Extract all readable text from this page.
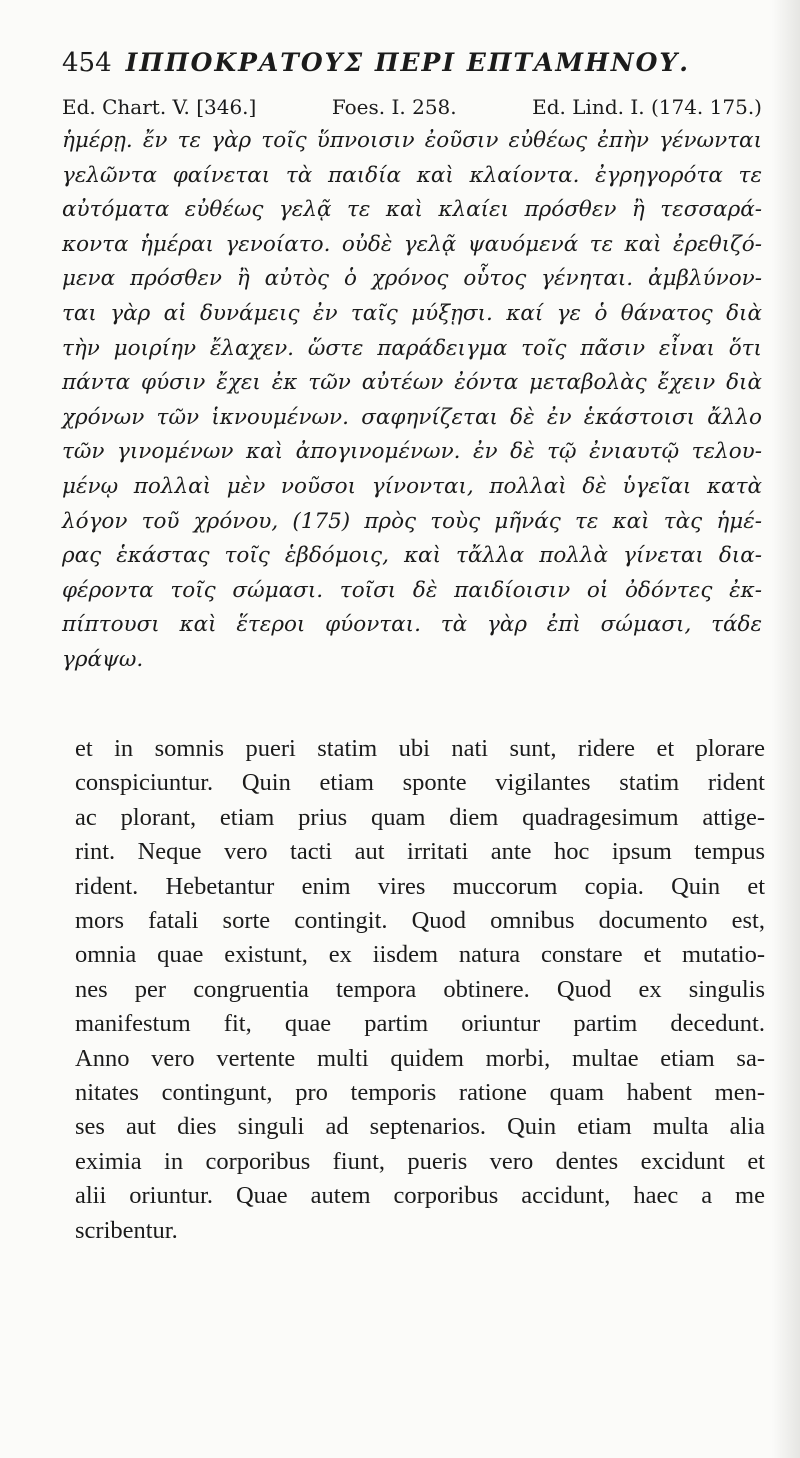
454 ΙΠΠΟΚΡΑΤΟΥΣ ΠΕΡΙ ΕΠΤΑΜΗΝΟΥ.
Ed. Chart. V. [346.]	Foes. I. 258.	Ed. Lind. I. (174. 175.)
ἡμέρῃ. ἔν τε γὰρ τοῖς ὕπνοισιν ἐοῦσιν εὐθέως ἐπὴν γένωνται
γελῶντα φαίνεται τὰ παιδία καὶ κλαίοντα. ἐγρηγορότα τε
αὐτόματα εὐθέως γελᾷ τε καὶ κλαίει πρόσθεν ἢ τεσσαρά-
κοντα ἡμέραι γενοίατο. οὐδὲ γελᾷ ψαυόμενά τε καὶ ἐρεθιζό-
μενα πρόσθεν ἢ αὐτὸς ὁ χρόνος οὗτος γένηται. ἀμβλύνον-
ται γὰρ αἱ δυνάμεις ἐν ταῖς μύξῃσι. καί γε ὁ θάνατος διὰ
τὴν μοιρίην ἔλαχεν. ὥστε παράδειγμα τοῖς πᾶσιν εἶναι ὅτι
πάντα φύσιν ἔχει ἐκ τῶν αὐτέων ἐόντα μεταβολὰς ἔχειν διὰ
χρόνων τῶν ἱκνουμένων. σαφηνίζεται δὲ ἐν ἑκάστοισι ἄλλο
τῶν γινομένων καὶ ἀπογινομένων. ἐν δὲ τῷ ἐνιαυτῷ τελου-
μένῳ πολλαὶ μὲν νοῦσοι γίνονται, πολλαὶ δὲ ὑγεῖαι κατὰ
λόγον τοῦ χρόνου, (175) πρὸς τοὺς μῆνάς τε καὶ τὰς ἡμέ-
ρας ἑκάστας τοῖς ἑβδόμοις, καὶ τἄλλα πολλὰ γίνεται δια-
φέροντα τοῖς σώμασι. τοῖσι δὲ παιδίοισιν οἱ ὀδόντες ἐκ-
πίπτουσι καὶ ἕτεροι φύονται. τὰ γὰρ ἐπὶ σώμασι, τάδε
γράψω.
et in somnis pueri statim ubi nati sunt, ridere et plorare
conspiciuntur. Quin etiam sponte vigilantes statim rident
ac plorant, etiam prius quam diem quadragesimum attige-
rint. Neque vero tacti aut irritati ante hoc ipsum tempus
rident. Hebetantur enim vires muccorum copia. Quin et
mors fatali sorte contingit. Quod omnibus documento est,
omnia quae existunt, ex iisdem natura constare et mutatio-
nes per congruentia tempora obtinere. Quod ex singulis
manifestum fit, quae partim oriuntur partim decedunt.
Anno vero vertente multi quidem morbi, multae etiam sa-
nitates contingunt, pro temporis ratione quam habent men-
ses aut dies singuli ad septenarios. Quin etiam multa alia
eximia in corporibus fiunt, pueris vero dentes excidunt et
alii oriuntur. Quae autem corporibus accidunt, haec a me
scribentur.
